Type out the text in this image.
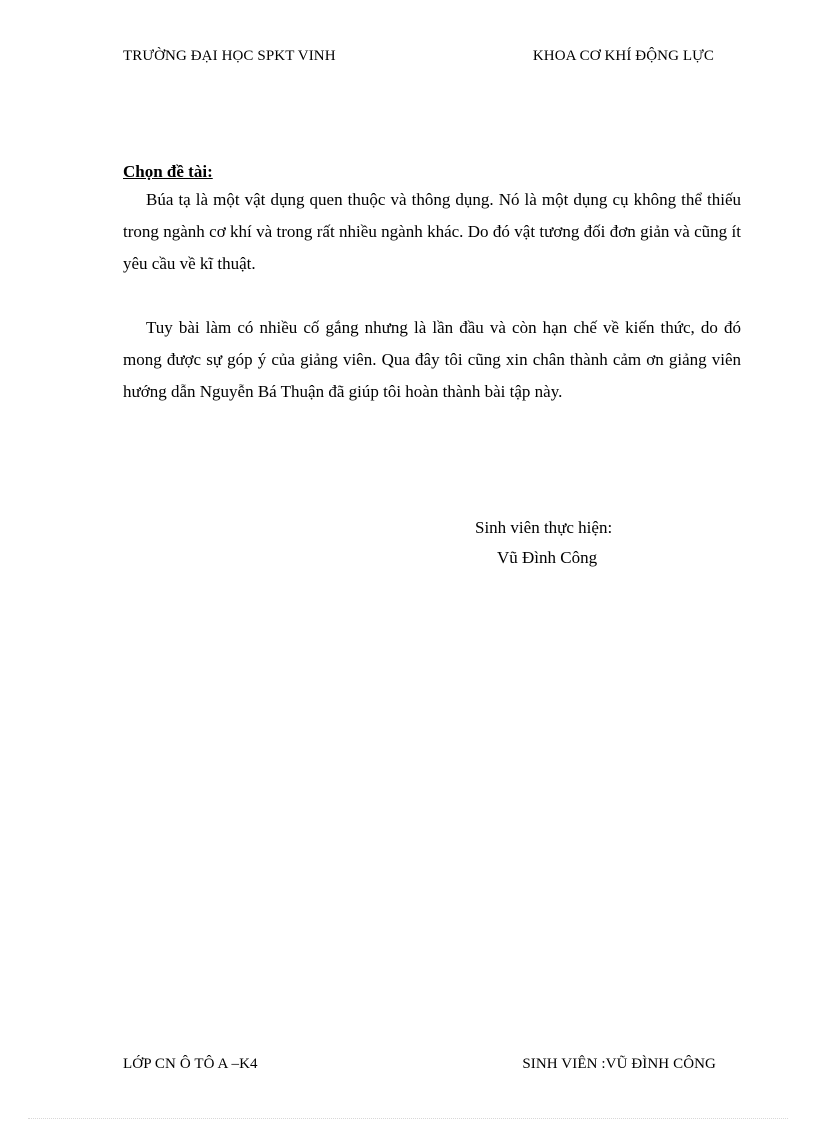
TRƯỜNG ĐẠI HỌC SPKT VINH	KHOA CƠ KHÍ ĐỘNG LỰC

Chọn đề tài:

Búa tạ là một vật dụng quen thuộc và thông dụng. Nó là một dụng cụ không thể thiếu trong ngành cơ khí và trong rất nhiều ngành khác. Do đó vật tương đối đơn giản và cũng ít yêu cầu về kĩ thuật.

Tuy bài làm có nhiều cố gắng nhưng là lần đầu và còn hạn chế về kiến thức, do đó mong được sự góp ý của giảng viên. Qua đây tôi cũng xin chân thành cảm ơn giảng viên hướng dẫn Nguyễn Bá Thuận đã giúp tôi hoàn thành bài tập này.

Sinh viên thực hiện:
Vũ Đình Công
LỚP CN Ô TÔ A –K4	SINH VIÊN :VŨ ĐÌNH CÔNG
